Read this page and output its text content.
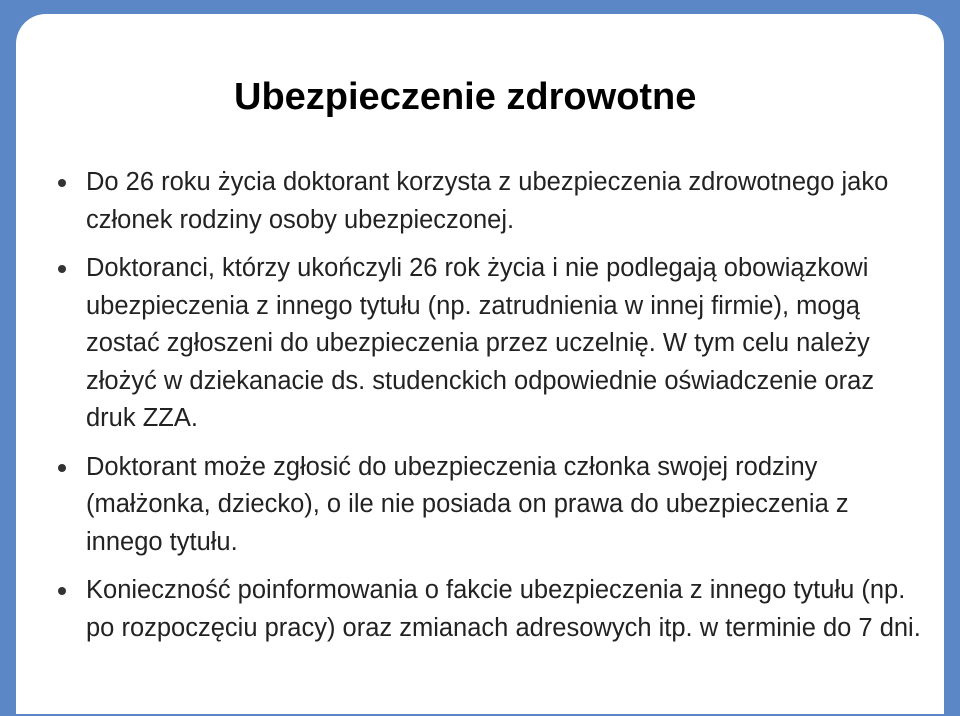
Ubezpieczenie zdrowotne
Do 26 roku życia doktorant korzysta z ubezpieczenia zdrowotnego jako członek rodziny osoby ubezpieczonej.
Doktoranci, którzy ukończyli 26 rok życia i nie podlegają obowiązkowi ubezpieczenia z innego tytułu (np. zatrudnienia w innej firmie), mogą zostać zgłoszeni do ubezpieczenia przez uczelnię. W tym celu należy złożyć w dziekanacie ds. studenckich odpowiednie oświadczenie oraz druk ZZA.
Doktorant może zgłosić do ubezpieczenia członka swojej rodziny (małżonka, dziecko), o ile nie posiada on prawa do ubezpieczenia z innego tytułu.
Konieczność poinformowania o fakcie ubezpieczenia z innego tytułu (np. po rozpoczęciu pracy) oraz zmianach adresowych itp. w terminie do 7 dni.
